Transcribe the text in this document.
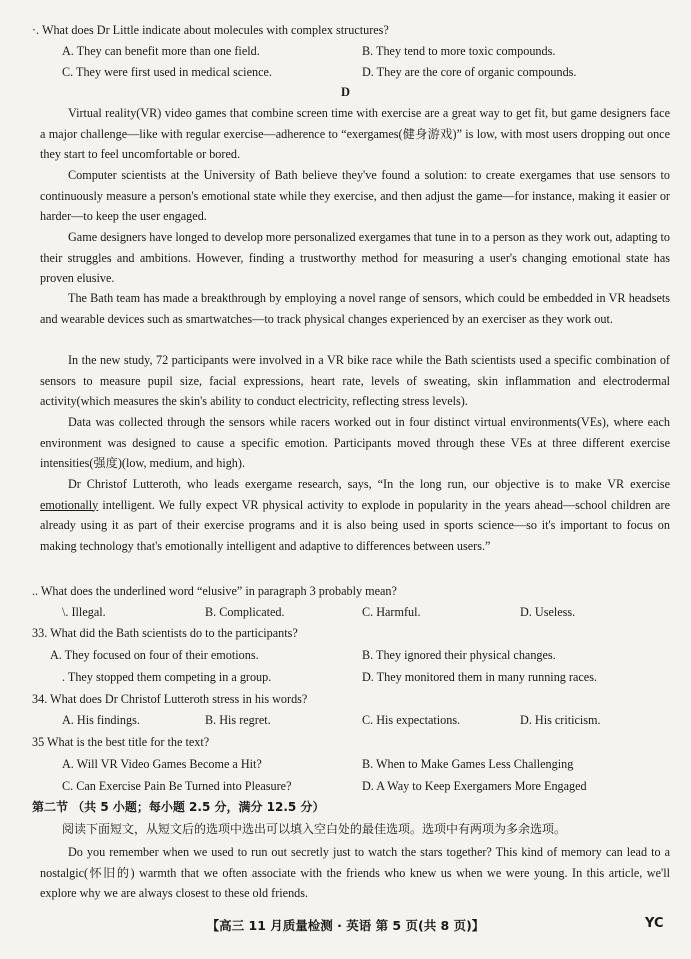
·. What does Dr Little indicate about molecules with complex structures?
A. They can benefit more than one field.	B. They tend to more toxic compounds.
C. They were first used in medical science.	D. They are the core of organic compounds.
D
Virtual reality(VR) video games that combine screen time with exercise are a great way to get fit, but game designers face a major challenge—like with regular exercise—adherence to “exergames(健身游戏)” is low, with most users dropping out once they start to feel uncomfortable or bored.
Computer scientists at the University of Bath believe they've found a solution: to create exergames that use sensors to continuously measure a person's emotional state while they exercise, and then adjust the game—for instance, making it easier or harder—to keep the user engaged.
Game designers have longed to develop more personalized exergames that tune in to a person as they work out, adapting to their struggles and ambitions. However, finding a trustworthy method for measuring a user's changing emotional state has proven elusive.
The Bath team has made a breakthrough by employing a novel range of sensors, which could be embedded in VR headsets and wearable devices such as smartwatches—to track physical changes experienced by an exerciser as they work out.
In the new study, 72 participants were involved in a VR bike race while the Bath scientists used a specific combination of sensors to measure pupil size, facial expressions, heart rate, levels of sweating, skin inflammation and electrodermal activity(which measures the skin's ability to conduct electricity, reflecting stress levels).
Data was collected through the sensors while racers worked out in four distinct virtual environments(VEs), where each environment was designed to cause a specific emotion. Participants moved through these VEs at three different exercise intensities(强度)(low, medium, and high).
Dr Christof Lutteroth, who leads exergame research, says, “In the long run, our objective is to make VR exercise emotionally intelligent. We fully expect VR physical activity to explode in popularity in the years ahead—school children are already using it as part of their exercise programs and it is also being used in sports science—so it's important to focus on making technology that's emotionally intelligent and adaptive to differences between users.”
.. What does the underlined word “elusive” in paragraph 3 probably mean?
\. Illegal.	B. Complicated.	C. Harmful.	D. Useless.
33. What did the Bath scientists do to the participants?
A. They focused on four of their emotions.	B. They ignored their physical changes.
. They stopped them competing in a group.	D. They monitored them in many running races.
34. What does Dr Christof Lutteroth stress in his words?
A. His findings.	B. His regret.	C. His expectations.	D. His criticism.
35 What is the best title for the text?
A. Will VR Video Games Become a Hit?	B. When to Make Games Less Challenging
C. Can Exercise Pain Be Turned into Pleasure?	D. A Way to Keep Exergamers More Engaged
第二节 （共 5 小题；每小题 2.5 分，满分 12.5 分）
阅读下面短文，从短文后的选项中选出可以填入空白处的最佳选项。选项中有两项为多余选项。
Do you remember when we used to run out secretly just to watch the stars together? This kind of memory can lead to a nostalgic(怀旧的) warmth that we often associate with the friends who knew us when we were young. In this article, we'll explore why we are always closest to these old friends.
【高三 11 月质量检测 · 英语 第 5 页(共 8 页)】	YC
